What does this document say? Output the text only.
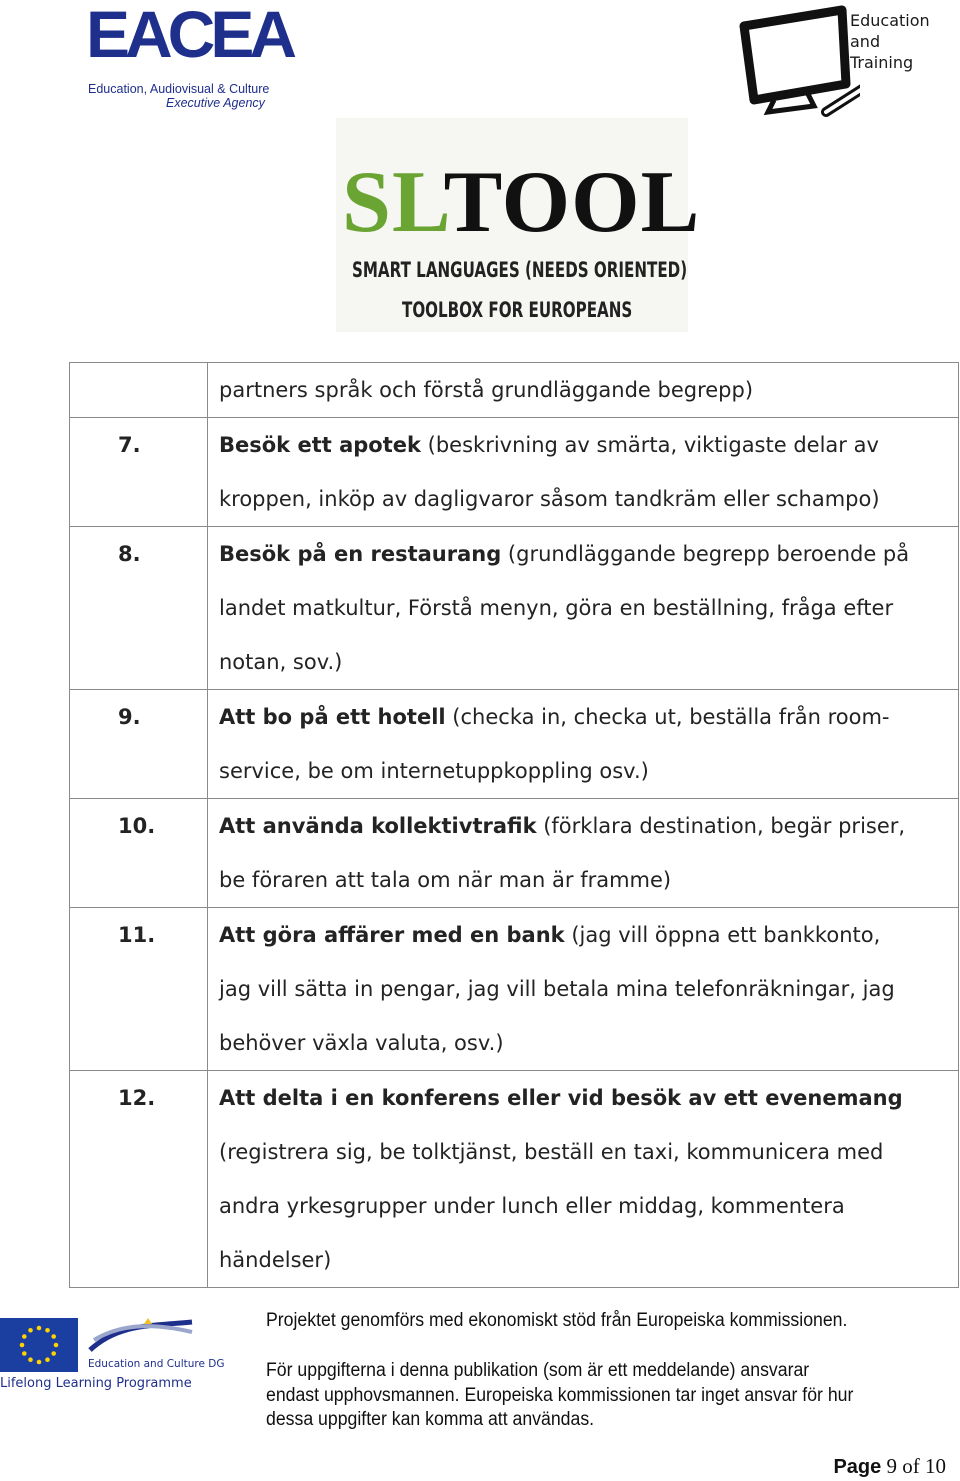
EACEA
Education, Audiovisual & Culture
Executive Agency
Education
and
Training
SLTOOL
SMART LANGUAGES (NEEDS ORIENTED)
TOOLBOX FOR EUROPEANS

	partners språk och förstå grundläggande begrepp)

7.	Besök ett apotek (beskrivning av smärta, viktigaste delar av
kroppen, inköp av dagligvaror såsom tandkräm eller schampo)

8.	Besök på en restaurang (grundläggande begrepp beroende på
landet matkultur, Förstå menyn, göra en beställning, fråga efter
notan, sov.)

9.	Att bo på ett hotell (checka in, checka ut, beställa från room-
service, be om internetuppkoppling osv.)

10.	Att använda kollektivtrafik (förklara destination, begär priser,
be föraren att tala om när man är framme)

11.	Att göra affärer med en bank (jag vill öppna ett bankkonto,
jag vill sätta in pengar, jag vill betala mina telefonräkningar, jag
behöver växla valuta, osv.)

12.	Att delta i en konferens eller vid besök av ett evenemang
(registrera sig, be tolktjänst, beställ en taxi, kommunicera med
andra yrkesgrupper under lunch eller middag, kommentera
händelser)
Lifelong Learning Programme
Education and Culture DG
Projektet genomförs med ekonomiskt stöd från Europeiska kommissionen.
För uppgifterna i denna publikation (som är ett meddelande) ansvarar
endast upphovsmannen. Europeiska kommissionen tar inget ansvar för hur
dessa uppgifter kan komma att användas.
Page 9 of 10
